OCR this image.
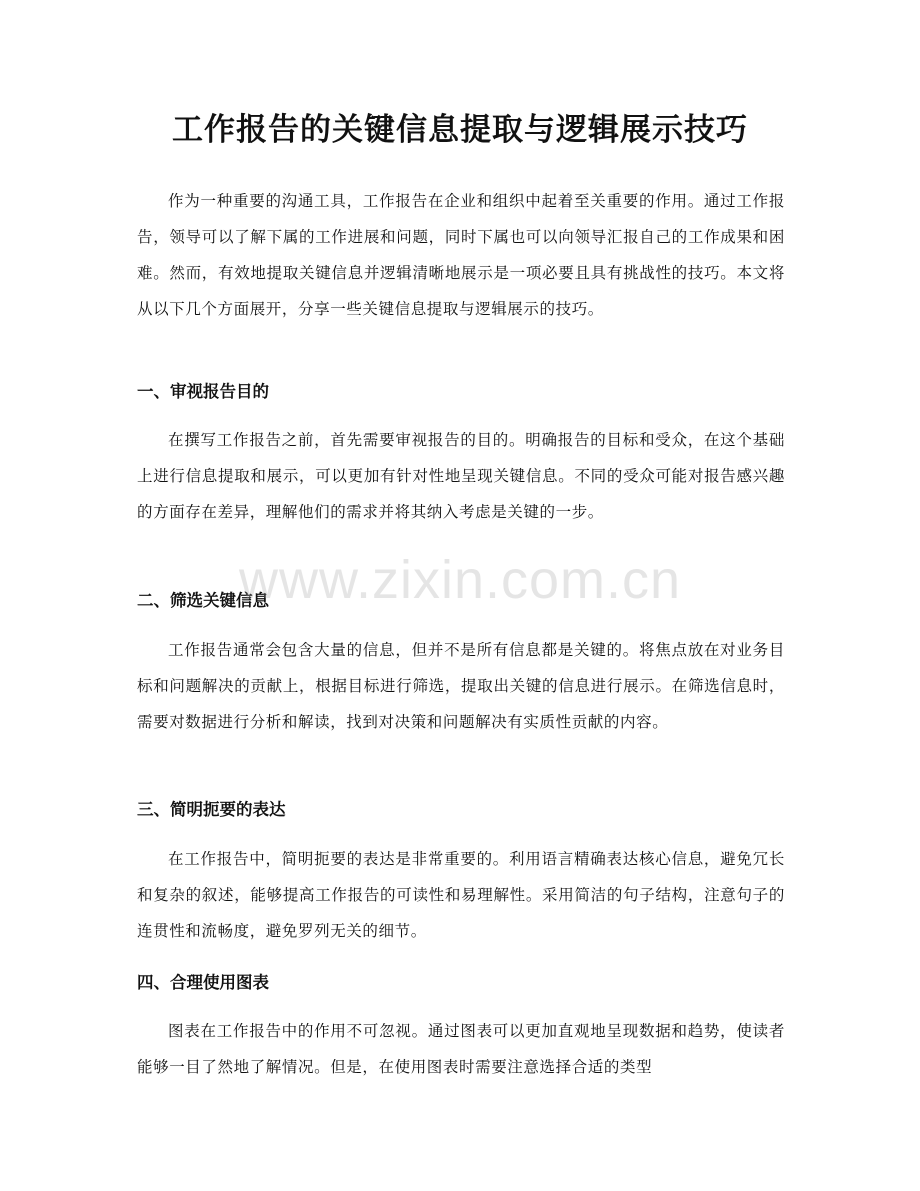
工作报告的关键信息提取与逻辑展示技巧

作为一种重要的沟通工具，工作报告在企业和组织中起着至关重要的作用。通过工作报告，领导可以了解下属的工作进展和问题，同时下属也可以向领导汇报自己的工作成果和困难。然而，有效地提取关键信息并逻辑清晰地展示是一项必要且具有挑战性的技巧。本文将从以下几个方面展开，分享一些关键信息提取与逻辑展示的技巧。

一、审视报告目的

在撰写工作报告之前，首先需要审视报告的目的。明确报告的目标和受众，在这个基础上进行信息提取和展示，可以更加有针对性地呈现关键信息。不同的受众可能对报告感兴趣的方面存在差异，理解他们的需求并将其纳入考虑是关键的一步。

二、筛选关键信息

工作报告通常会包含大量的信息，但并不是所有信息都是关键的。将焦点放在对业务目标和问题解决的贡献上，根据目标进行筛选，提取出关键的信息进行展示。在筛选信息时，需要对数据进行分析和解读，找到对决策和问题解决有实质性贡献的内容。

三、简明扼要的表达

在工作报告中，简明扼要的表达是非常重要的。利用语言精确表达核心信息，避免冗长和复杂的叙述，能够提高工作报告的可读性和易理解性。采用简洁的句子结构，注意句子的连贯性和流畅度，避免罗列无关的细节。

四、合理使用图表

图表在工作报告中的作用不可忽视。通过图表可以更加直观地呈现数据和趋势，使读者能够一目了然地了解情况。但是，在使用图表时需要注意选择合适的类型

www.zixin.com.cn
